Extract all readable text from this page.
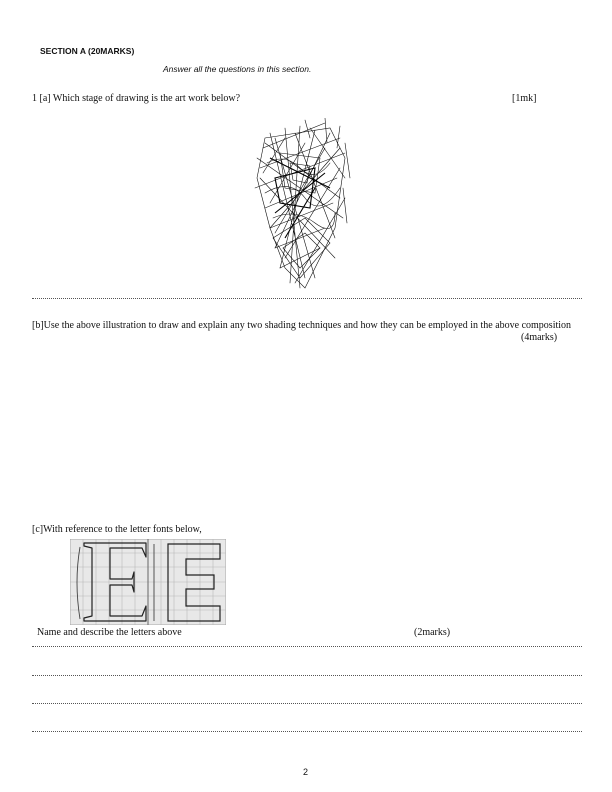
SECTION A (20MARKS)
Answer all the questions in this section.
1 [a] Which stage of drawing is the art work below?	[1mk]
[b]Use the above illustration to draw and explain any two shading techniques and how they can be employed in the above composition
(4marks)
[c]With reference to the letter fonts below,
Name and describe the letters above	(2marks)
2
